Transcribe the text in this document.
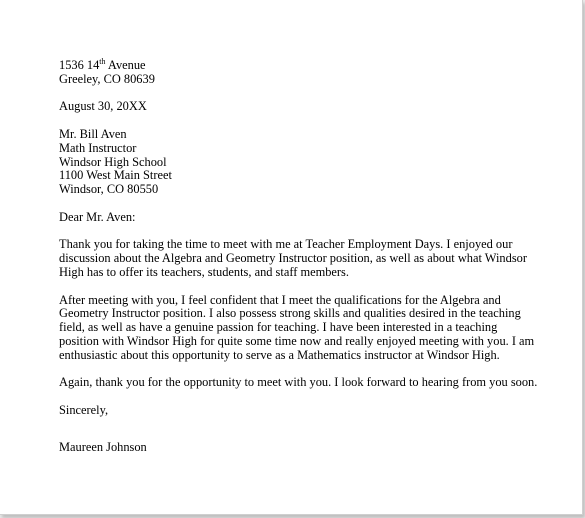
1536 14th Avenue
Greeley, CO 80639
August 30, 20XX
Mr. Bill Aven
Math Instructor
Windsor High School
1100 West Main Street
Windsor, CO 80550
Dear Mr. Aven:
Thank you for taking the time to meet with me at Teacher Employment Days. I enjoyed our
discussion about the Algebra and Geometry Instructor position, as well as about what Windsor
High has to offer its teachers, students, and staff members.
After meeting with you, I feel confident that I meet the qualifications for the Algebra and
Geometry Instructor position. I also possess strong skills and qualities desired in the teaching
field, as well as have a genuine passion for teaching. I have been interested in a teaching
position with Windsor High for quite some time now and really enjoyed meeting with you. I am
enthusiastic about this opportunity to serve as a Mathematics instructor at Windsor High.
Again, thank you for the opportunity to meet with you. I look forward to hearing from you soon.
Sincerely,
Maureen Johnson
